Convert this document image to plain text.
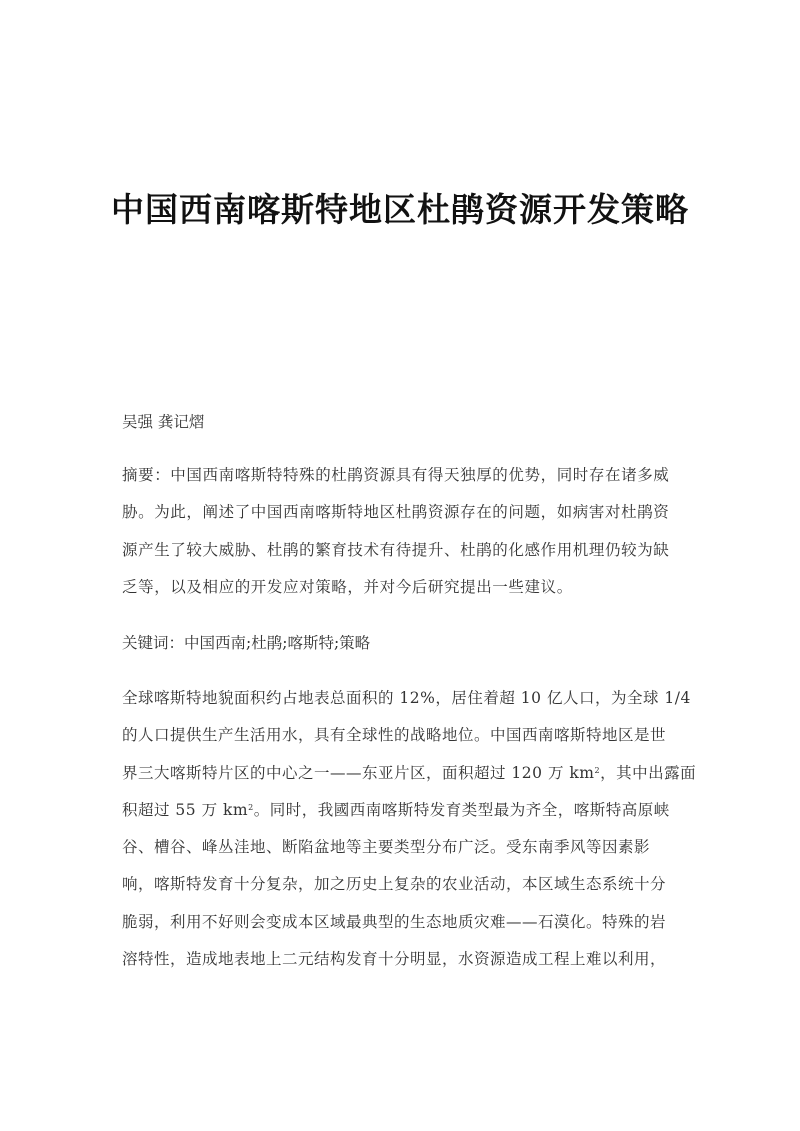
中国西南喀斯特地区杜鹃资源开发策略
吴强 龚记熠
摘要：中国西南喀斯特特殊的杜鹃资源具有得天独厚的优势，同时存在诸多威
胁。为此，阐述了中国西南喀斯特地区杜鹃资源存在的问题，如病害对杜鹃资
源产生了较大威胁、杜鹃的繁育技术有待提升、杜鹃的化感作用机理仍较为缺
乏等，以及相应的开发应对策略，并对今后研究提出一些建议。
关键词：中国西南;杜鹃;喀斯特;策略
全球喀斯特地貌面积约占地表总面积的 12%，居住着超 10 亿人口，为全球 1/4
的人口提供生产生活用水，具有全球性的战略地位。中国西南喀斯特地区是世
界三大喀斯特片区的中心之一——东亚片区，面积超过 120 万 $km^2$，其中出露面
积超过 55 万 $km^2$。同时，我國西南喀斯特发育类型最为齐全，喀斯特高原峡
谷、槽谷、峰丛洼地、断陷盆地等主要类型分布广泛。受东南季风等因素影
响，喀斯特发育十分复杂，加之历史上复杂的农业活动，本区域生态系统十分
脆弱，利用不好则会变成本区域最典型的生态地质灾难——石漠化。特殊的岩
溶特性，造成地表地上二元结构发育十分明显，水资源造成工程上难以利用，
